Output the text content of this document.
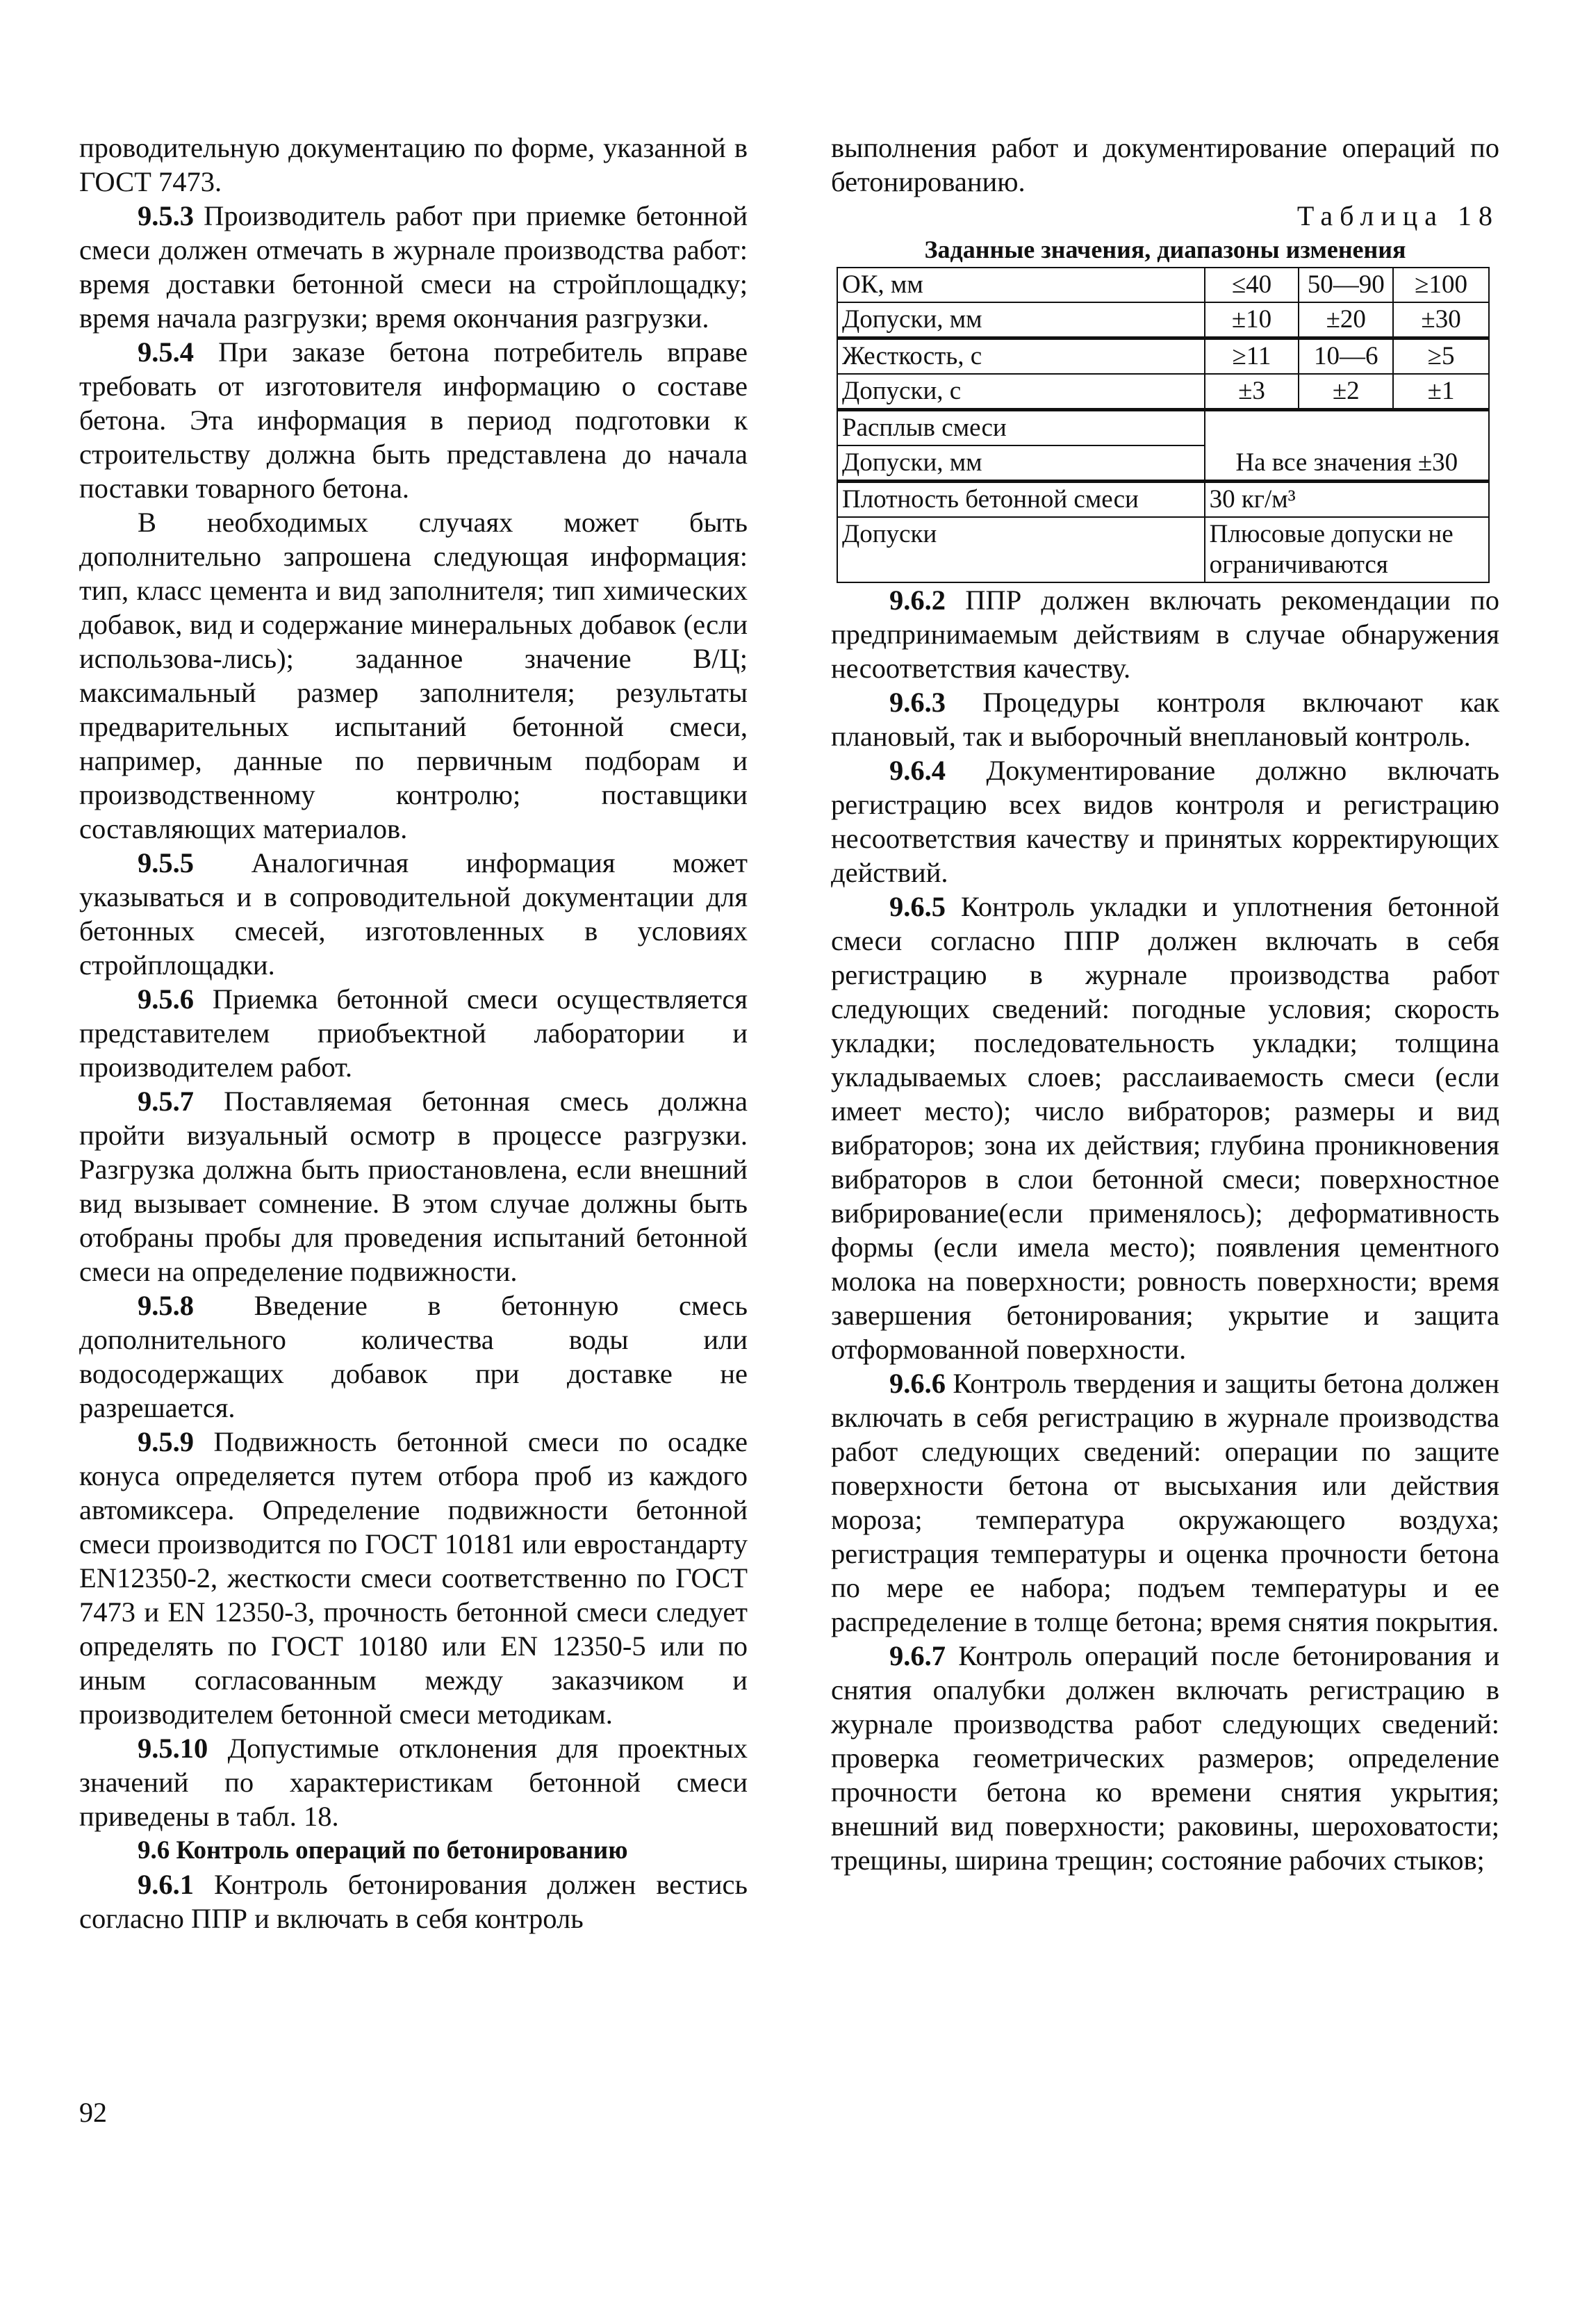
проводительную документацию по форме, указанной в ГОСТ 7473.

9.5.3 Производитель работ при приемке бетонной смеси должен отмечать в журнале производства работ: время доставки бетонной смеси на стройплощадку; время начала разгрузки; время окончания разгрузки.

9.5.4 При заказе бетона потребитель вправе требовать от изготовителя информацию о составе бетона. Эта информация в период подготовки к строительству должна быть представлена до начала поставки товарного бетона.

В необходимых случаях может быть дополнительно запрошена следующая информация: тип, класс цемента и вид заполнителя; тип химических добавок, вид и содержание минеральных добавок (если использова-лись); заданное значение В/Ц; максимальный размер заполнителя; результаты предварительных испытаний бетонной смеси, например, данные по первичным подборам и производственному контролю; поставщики составляющих материалов.

9.5.5 Аналогичная информация может указываться и в сопроводительной документации для бетонных смесей, изготовленных в условиях стройплощадки.

9.5.6 Приемка бетонной смеси осуществляется представителем приобъектной лаборатории и производителем работ.

9.5.7 Поставляемая бетонная смесь должна пройти визуальный осмотр в процессе разгрузки. Разгрузка должна быть приостановлена, если внешний вид вызывает сомнение. В этом случае должны быть отобраны пробы для проведения испытаний бетонной смеси на определение подвижности.

9.5.8 Введение в бетонную смесь дополнительного количества воды или водосодержащих добавок при доставке не разрешается.

9.5.9 Подвижность бетонной смеси по осадке конуса определяется путем отбора проб из каждого автомиксера. Определение подвижности бетонной смеси производится по ГОСТ 10181 или евростандарту EN12350-2, жесткости смеси соответственно по ГОСТ 7473 и EN 12350-3, прочность бетонной смеси следует определять по ГОСТ 10180 или EN 12350-5 или по иным согласованным между заказчиком и производителем бетонной смеси методикам.

9.5.10 Допустимые отклонения для проектных значений по характеристикам бетонной смеси приведены в табл. 18.

9.6 Контроль операций по бетонированию

9.6.1 Контроль бетонирования должен вестись согласно ППР и включать в себя контроль

выполнения работ и документирование операций по бетонированию.

Таблица 18

Заданные значения, диапазоны изменения

ОК, мм	≤40	50—90	≥100
Допуски, мм	±10	±20	±30
Жесткость, с	≥11	10—6	≥5
Допуски, с	±3	±2	±1
Расплыв смеси	На все значения ±30		
Допуски, мм			
Плотность бетонной смеси	30 кг/м³		
Допуски	Плюсовые допуски не ограничиваются		

9.6.2 ППР должен включать рекомендации по предпринимаемым действиям в случае обнаружения несоответствия качеству.

9.6.3 Процедуры контроля включают как плановый, так и выборочный внеплановый контроль.

9.6.4 Документирование должно включать регистрацию всех видов контроля и регистрацию несоответствия качеству и принятых корректирующих действий.

9.6.5 Контроль укладки и уплотнения бетонной смеси согласно ППР должен включать в себя регистрацию в журнале производства работ следующих сведений: погодные условия; скорость укладки; последовательность укладки; толщина укладываемых слоев; расслаиваемость смеси (если имеет место); число вибраторов; размеры и вид вибраторов; зона их действия; глубина проникновения вибраторов в слои бетонной смеси; поверхностное вибрирование(если применялось); деформативность формы (если имела место); появления цементного молока на поверхности; ровность поверхности; время завершения бетонирования; укрытие и защита отформованной поверхности.

9.6.6 Контроль твердения и защиты бетона должен включать в себя регистрацию в журнале производства работ следующих сведений: операции по защите поверхности бетона от высыхания или действия мороза; температура окружающего воздуха; регистрация температуры и оценка прочности бетона по мере ее набора; подъем температуры и ее распределение в толще бетона; время снятия покрытия.

9.6.7 Контроль операций после бетонирования и снятия опалубки должен включать регистрацию в журнале производства работ следующих сведений: проверка геометрических размеров; определение прочности бетона ко времени снятия укрытия; внешний вид поверхности; раковины, шероховатости; трещины, ширина трещин; состояние рабочих стыков;

92
